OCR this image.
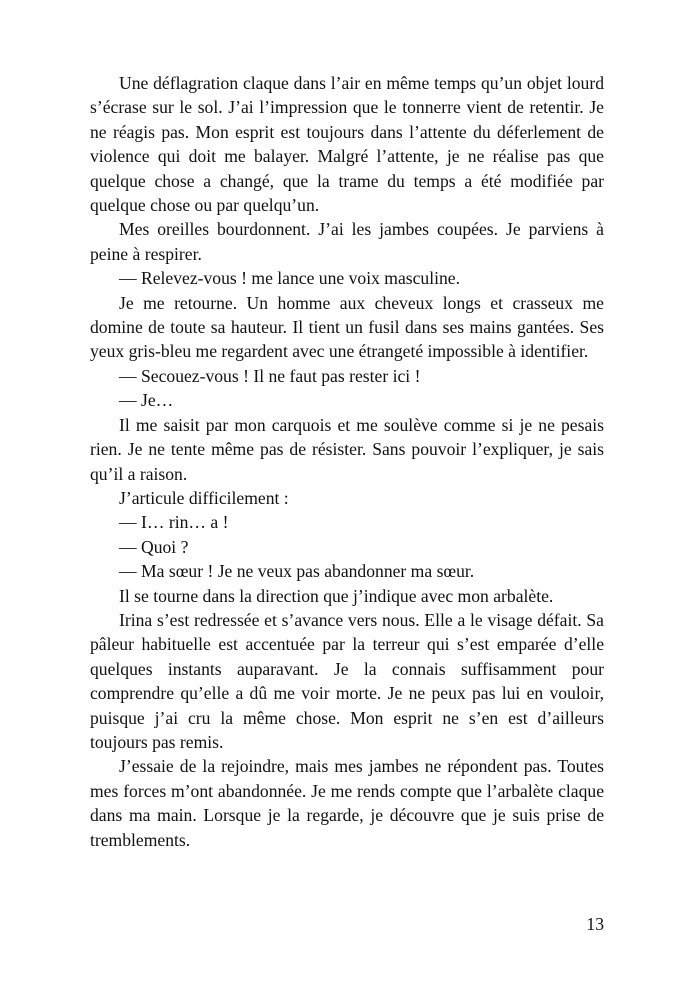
Une déflagration claque dans l’air en même temps qu’un objet lourd s’écrase sur le sol. J’ai l’impression que le tonnerre vient de retentir. Je ne réagis pas. Mon esprit est toujours dans l’attente du déferlement de violence qui doit me balayer. Malgré l’attente, je ne réalise pas que quelque chose a changé, que la trame du temps a été modifiée par quelque chose ou par quelqu’un.

Mes oreilles bourdonnent. J’ai les jambes coupées. Je parviens à peine à respirer.

— Relevez-vous ! me lance une voix masculine.

Je me retourne. Un homme aux cheveux longs et crasseux me domine de toute sa hauteur. Il tient un fusil dans ses mains gantées. Ses yeux gris-bleu me regardent avec une étrangeté impossible à identifier.

— Secouez-vous ! Il ne faut pas rester ici !

— Je…

Il me saisit par mon carquois et me soulève comme si je ne pesais rien. Je ne tente même pas de résister. Sans pouvoir l’expliquer, je sais qu’il a raison.

J’articule difficilement :

— I… rin… a !

— Quoi ?

— Ma sœur ! Je ne veux pas abandonner ma sœur.

Il se tourne dans la direction que j’indique avec mon arbalète.

Irina s’est redressée et s’avance vers nous. Elle a le visage défait. Sa pâleur habituelle est accentuée par la terreur qui s’est emparée d’elle quelques instants auparavant. Je la connais suffisamment pour comprendre qu’elle a dû me voir morte. Je ne peux pas lui en vouloir, puisque j’ai cru la même chose. Mon esprit ne s’en est d’ailleurs toujours pas remis.

J’essaie de la rejoindre, mais mes jambes ne répondent pas. Toutes mes forces m’ont abandonnée. Je me rends compte que l’arbalète claque dans ma main. Lorsque je la regarde, je découvre que je suis prise de tremblements.

13
